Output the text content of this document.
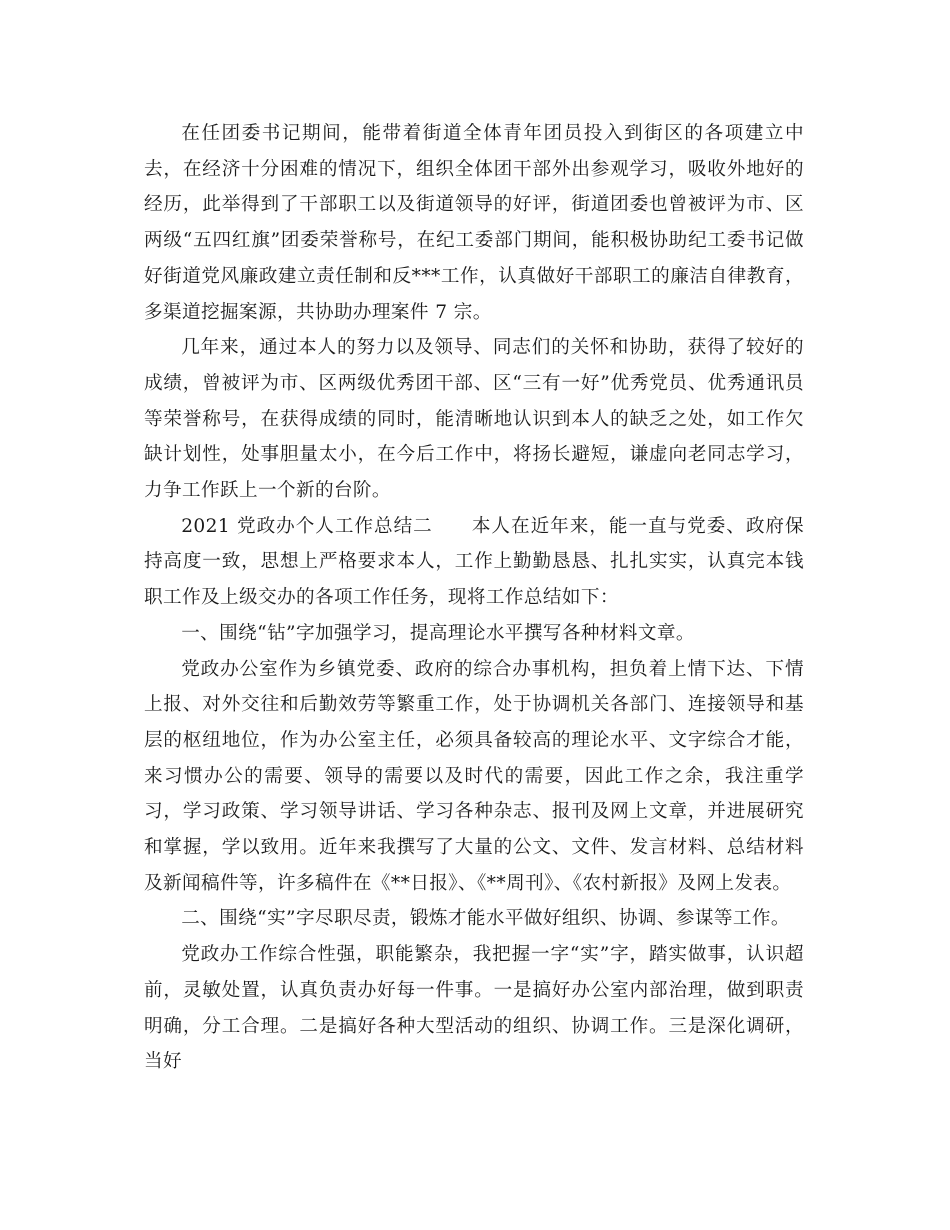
在任团委书记期间，能带着街道全体青年团员投入到街区的各项建立中去，在经济十分困难的情况下，组织全体团干部外出参观学习，吸收外地好的经历，此举得到了干部职工以及街道领导的好评，街道团委也曾被评为市、区两级“五四红旗”团委荣誉称号，在纪工委部门期间，能积极协助纪工委书记做好街道党风廉政建立责任制和反***工作，认真做好干部职工的廉洁自律教育，多渠道挖掘案源，共协助办理案件 7 宗。

几年来，通过本人的努力以及领导、同志们的关怀和协助，获得了较好的成绩，曾被评为市、区两级优秀团干部、区“三有一好”优秀党员、优秀通讯员等荣誉称号，在获得成绩的同时，能清晰地认识到本人的缺乏之处，如工作欠缺计划性，处事胆量太小，在今后工作中，将扬长避短，谦虚向老同志学习，力争工作跃上一个新的台阶。

2021 党政办个人工作总结二　　本人在近年来，能一直与党委、政府保持高度一致，思想上严格要求本人，工作上勤勤恳恳、扎扎实实，认真完本钱职工作及上级交办的各项工作任务，现将工作总结如下：

一、围绕“钻”字加强学习，提高理论水平撰写各种材料文章。

党政办公室作为乡镇党委、政府的综合办事机构，担负着上情下达、下情上报、对外交往和后勤效劳等繁重工作，处于协调机关各部门、连接领导和基层的枢纽地位，作为办公室主任，必须具备较高的理论水平、文字综合才能，来习惯办公的需要、领导的需要以及时代的需要，因此工作之余，我注重学习，学习政策、学习领导讲话、学习各种杂志、报刊及网上文章，并进展研究和掌握，学以致用。近年来我撰写了大量的公文、文件、发言材料、总结材料及新闻稿件等，许多稿件在《**日报》、《**周刊》、《农村新报》及网上发表。

二、围绕“实”字尽职尽责，锻炼才能水平做好组织、协调、参谋等工作。

党政办工作综合性强，职能繁杂，我把握一字“实”字，踏实做事，认识超前，灵敏处置，认真负责办好每一件事。一是搞好办公室内部治理，做到职责明确，分工合理。二是搞好各种大型活动的组织、协调工作。三是深化调研，当好
